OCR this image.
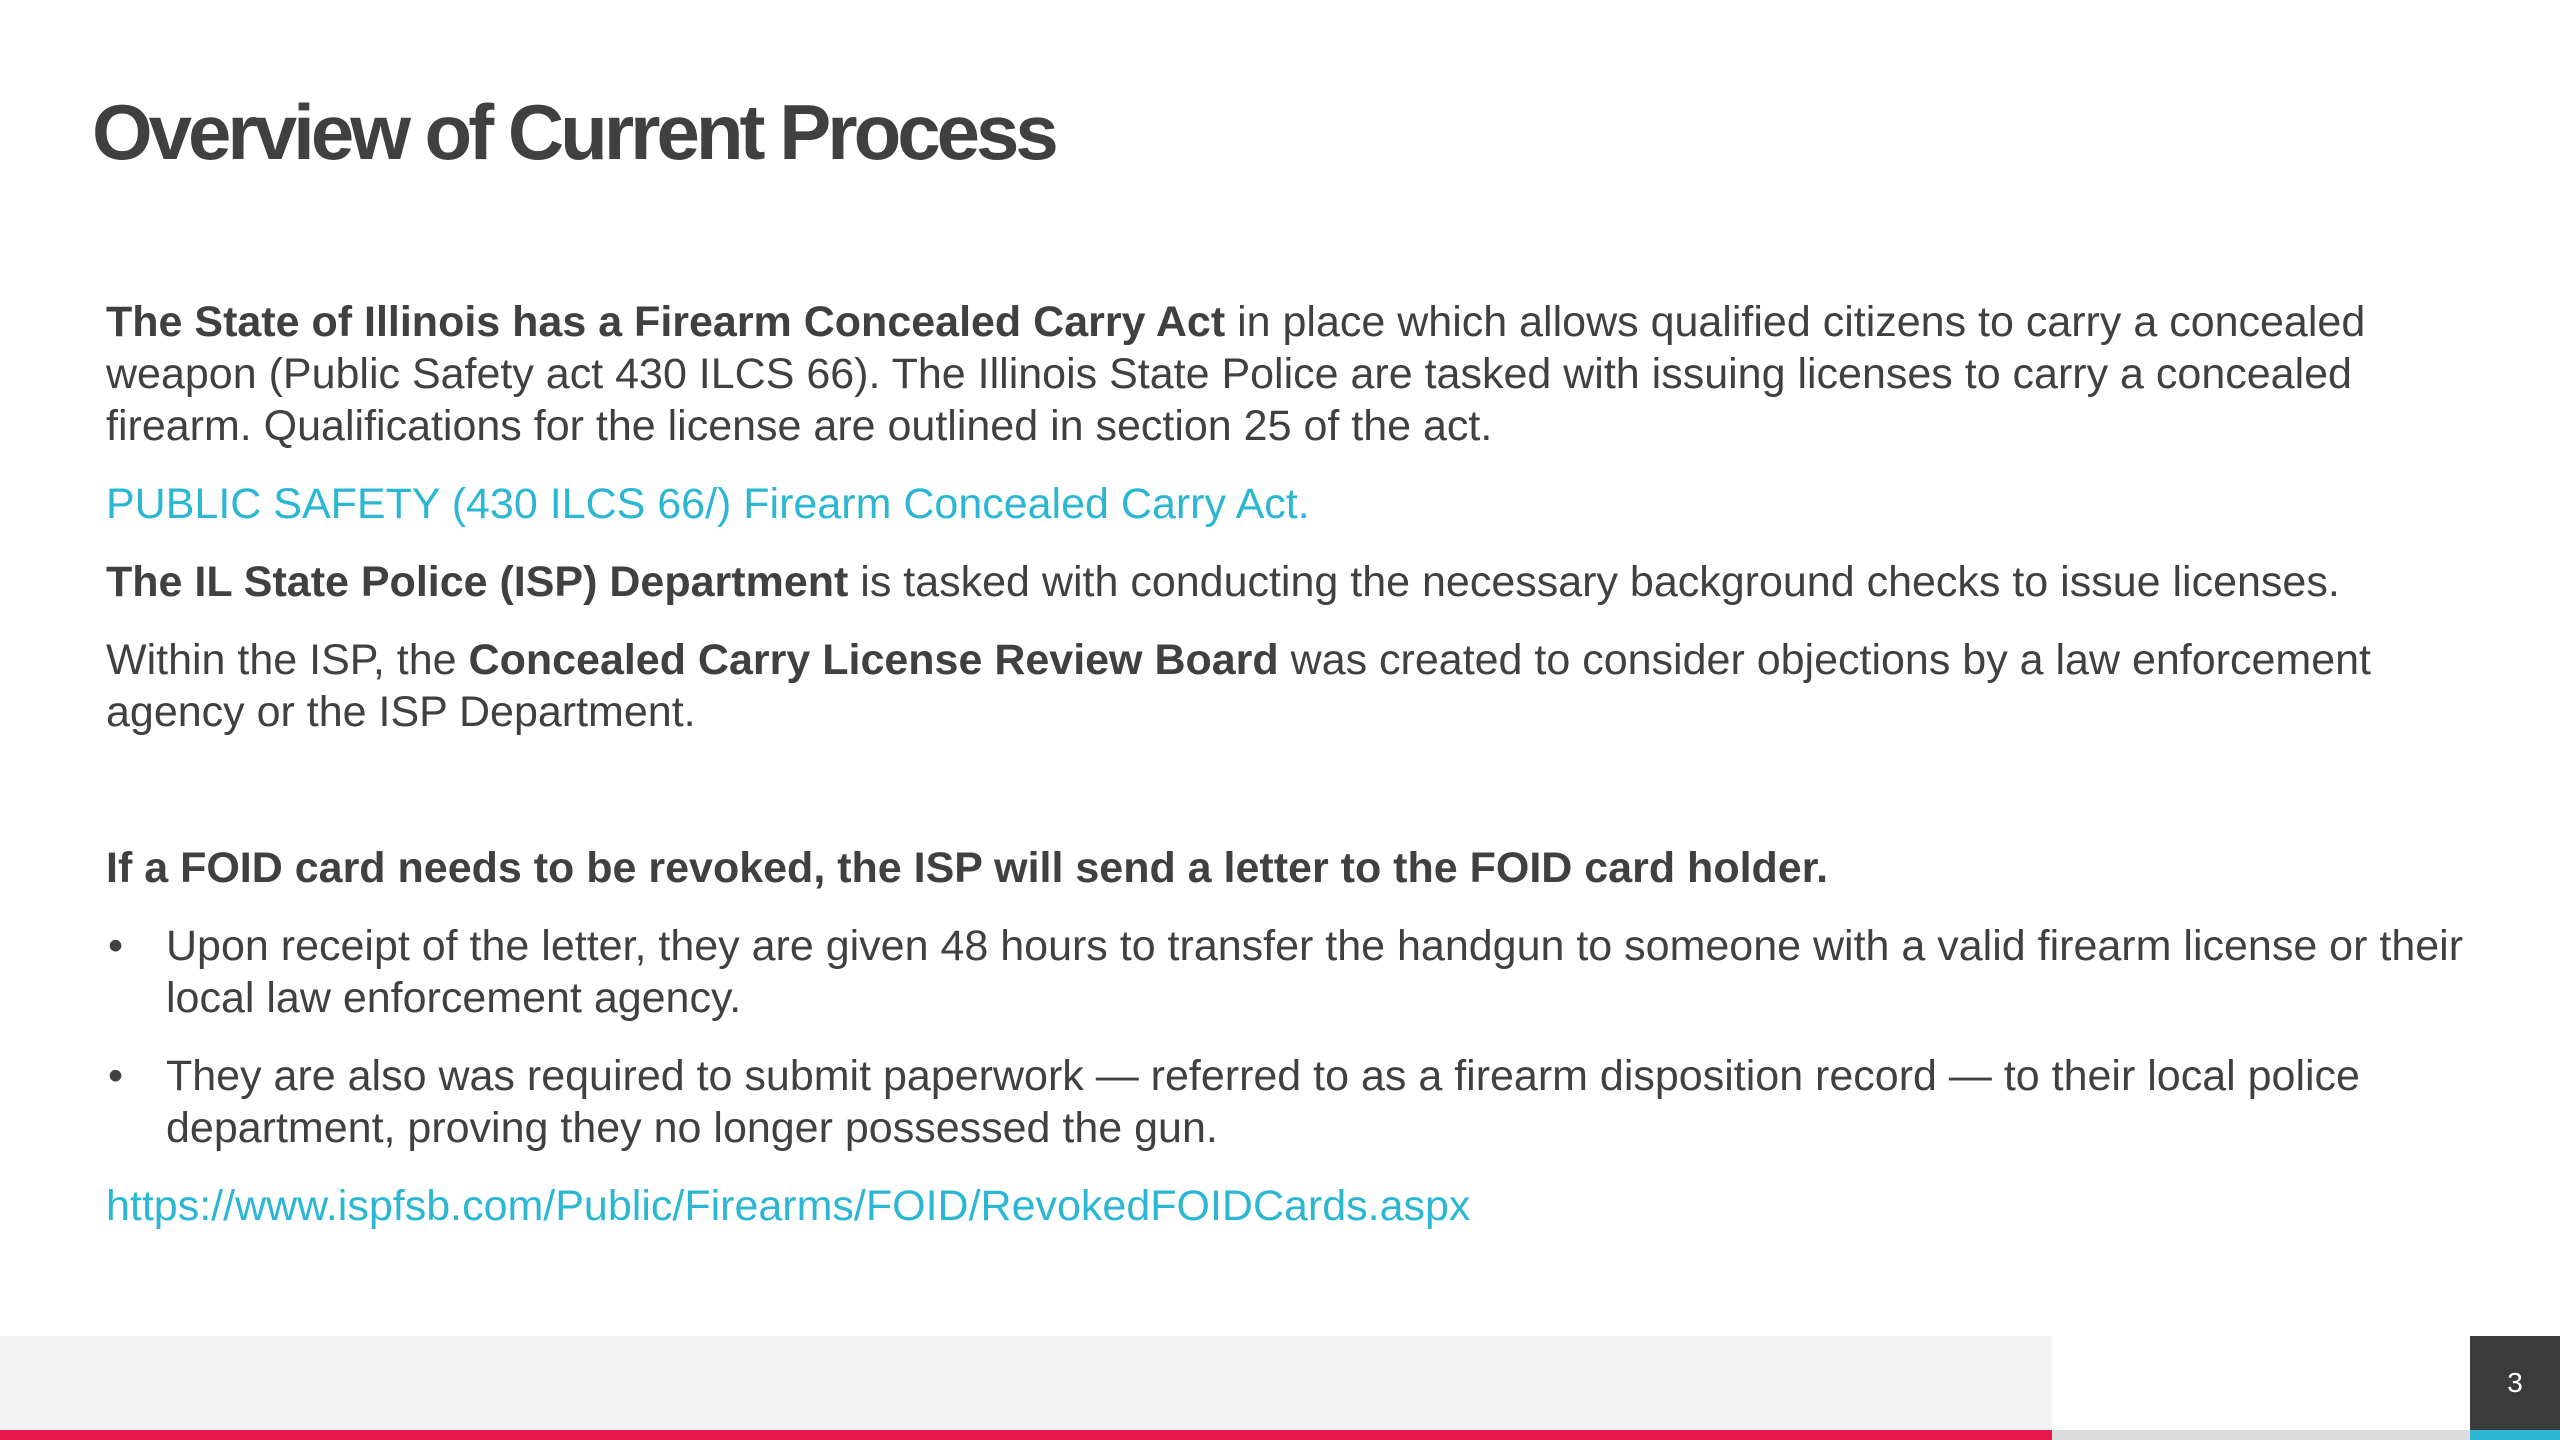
Overview of Current Process

The State of Illinois has a Firearm Concealed Carry Act in place which allows qualified citizens to carry a concealed weapon (Public Safety act 430 ILCS 66). The Illinois State Police are tasked with issuing licenses to carry a concealed firearm. Qualifications for the license are outlined in section 25 of the act.

PUBLIC SAFETY (430 ILCS 66/) Firearm Concealed Carry Act.

The IL State Police (ISP) Department is tasked with conducting the necessary background checks to issue licenses.

Within the ISP, the Concealed Carry License Review Board was created to consider objections by a law enforcement agency or the ISP Department.

If a FOID card needs to be revoked, the ISP will send a letter to the FOID card holder.

• Upon receipt of the letter, they are given 48 hours to transfer the handgun to someone with a valid firearm license or their local law enforcement agency.
• They are also was required to submit paperwork — referred to as a firearm disposition record — to their local police department, proving they no longer possessed the gun.
https://www.ispfsb.com/Public/Firearms/FOID/RevokedFOIDCards.aspx
3
